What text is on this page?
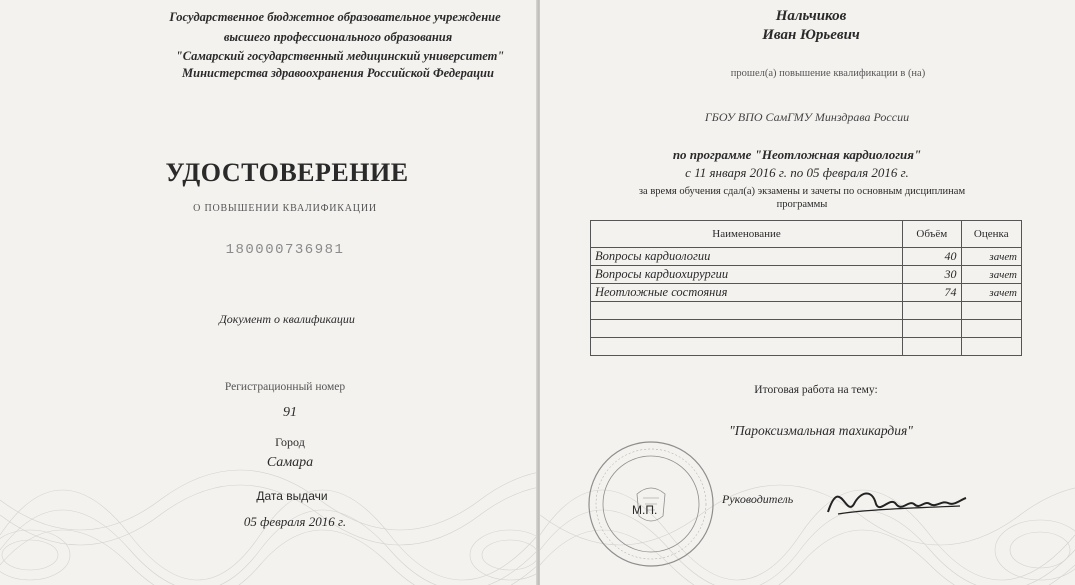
Государственное бюджетное образовательное учреждение
высшего профессионального образования
"Самарский государственный медицинский университет"
Министерства здравоохранения Российской Федерации
УДОСТОВЕРЕНИЕ
О ПОВЫШЕНИИ КВАЛИФИКАЦИИ
180000736981
Документ о квалификации
Регистрационный номер
91
Город
Самара
Дата выдачи
05 февраля 2016 г.
Нальчиков
Иван Юрьевич
прошел(а) повышение квалификации в (на)
ГБОУ ВПО СамГМУ Минздрава России
по программе "Неотложная кардиология"
с 11 января 2016 г. по 05 февраля 2016 г.
за время обучения сдал(а) экзамены и зачеты по основным дисциплинам
программы
Наименование	Объём	Оценка
Вопросы кардиологии	40	зачет
Вопросы кардиохирургии	30	зачет
Неотложные состояния	74	зачет

Итоговая работа на тему:
"Пароксизмальная тахикардия"
М.П.
Руководитель
